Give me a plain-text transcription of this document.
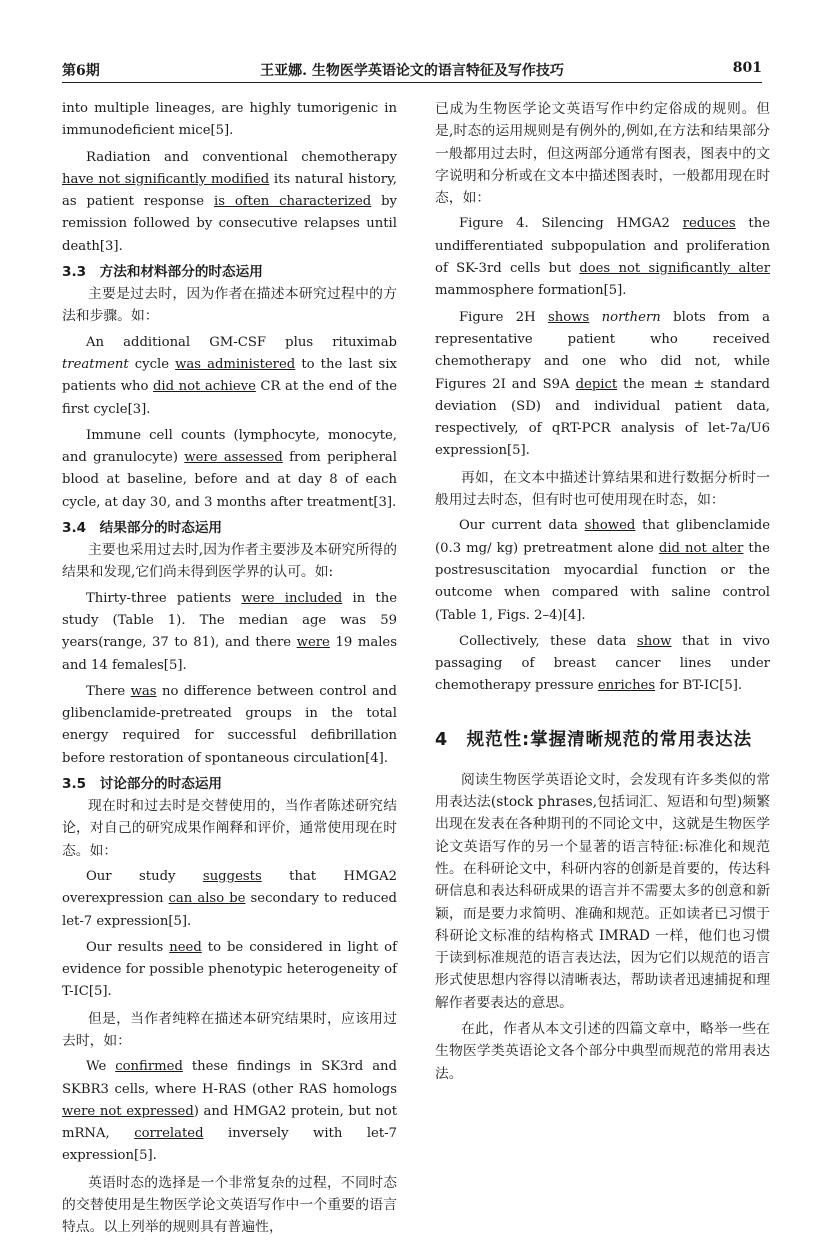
第6期	王亚娜. 生物医学英语论文的语言特征及写作技巧	801

into multiple lineages, are highly tumorigenic in immunodeficient mice[5].

Radiation and conventional chemotherapy have not significantly modified its natural history, as patient response is often characterized by remission followed by consecutive relapses until death[3].

3.3　方法和材料部分的时态运用

主要是过去时，因为作者在描述本研究过程中的方法和步骤。如：

An additional GM-CSF plus rituximab treatment cycle was administered to the last six patients who did not achieve CR at the end of the first cycle[3].

Immune cell counts (lymphocyte, monocyte, and granulocyte) were assessed from peripheral blood at baseline, before and at day 8 of each cycle, at day 30, and 3 months after treatment[3].

3.4　结果部分的时态运用

主要也采用过去时,因为作者主要涉及本研究所得的结果和发现,它们尚未得到医学界的认可。如:

Thirty-three patients were included in the study (Table 1). The median age was 59 years(range, 37 to 81), and there were 19 males and 14 females[5].

There was no difference between control and glibenclamide-pretreated groups in the total energy required for successful defibrillation before restoration of spontaneous circulation[4].

3.5　讨论部分的时态运用

现在时和过去时是交替使用的，当作者陈述研究结论，对自己的研究成果作阐释和评价，通常使用现在时态。如：

Our study suggests that HMGA2 overexpression can also be secondary to reduced let-7 expression[5].

Our results need to be considered in light of evidence for possible phenotypic heterogeneity of T-IC[5].

但是，当作者纯粹在描述本研究结果时，应该用过去时，如：

We confirmed these findings in SK3rd and SKBR3 cells, where H-RAS (other RAS homologs were not expressed) and HMGA2 protein, but not mRNA, correlated inversely with let-7 expression[5].

英语时态的选择是一个非常复杂的过程，不同时态的交替使用是生物医学论文英语写作中一个重要的语言特点。以上列举的规则具有普遍性，

已成为生物医学论文英语写作中约定俗成的规则。但是,时态的运用规则是有例外的,例如,在方法和结果部分一般都用过去时，但这两部分通常有图表，图表中的文字说明和分析或在文本中描述图表时，一般都用现在时态，如：

Figure 4. Silencing HMGA2 reduces the undifferentiated subpopulation and proliferation of SK-3rd cells but does not significantly alter mammosphere formation[5].

Figure 2H shows northern blots from a representative patient who received chemotherapy and one who did not, while Figures 2I and S9A depict the mean ± standard deviation (SD) and individual patient data, respectively, of qRT-PCR analysis of let-7a/U6 expression[5].

再如，在文本中描述计算结果和进行数据分析时一般用过去时态，但有时也可使用现在时态，如：

Our current data showed that glibenclamide (0.3 mg/ kg) pretreatment alone did not alter the postresuscitation myocardial function or the outcome when compared with saline control (Table 1, Figs. 2–4)[4].

Collectively, these data show that in vivo passaging of breast cancer lines under chemotherapy pressure enriches for BT-IC[5].

4　规范性:掌握清晰规范的常用表达法

阅读生物医学英语论文时，会发现有许多类似的常用表达法(stock phrases,包括词汇、短语和句型)频繁出现在发表在各种期刊的不同论文中，这就是生物医学论文英语写作的另一个显著的语言特征:标准化和规范性。在科研论文中，科研内容的创新是首要的，传达科研信息和表达科研成果的语言并不需要太多的创意和新颖，而是要力求简明、准确和规范。正如读者已习惯于科研论文标准的结构格式 IMRAD 一样，他们也习惯于读到标准规范的语言表达法，因为它们以规范的语言形式使思想内容得以清晰表达，帮助读者迅速捕捉和理解作者要表达的意思。

在此，作者从本文引述的四篇文章中，略举一些在生物医学类英语论文各个部分中典型而规范的常用表达法。
